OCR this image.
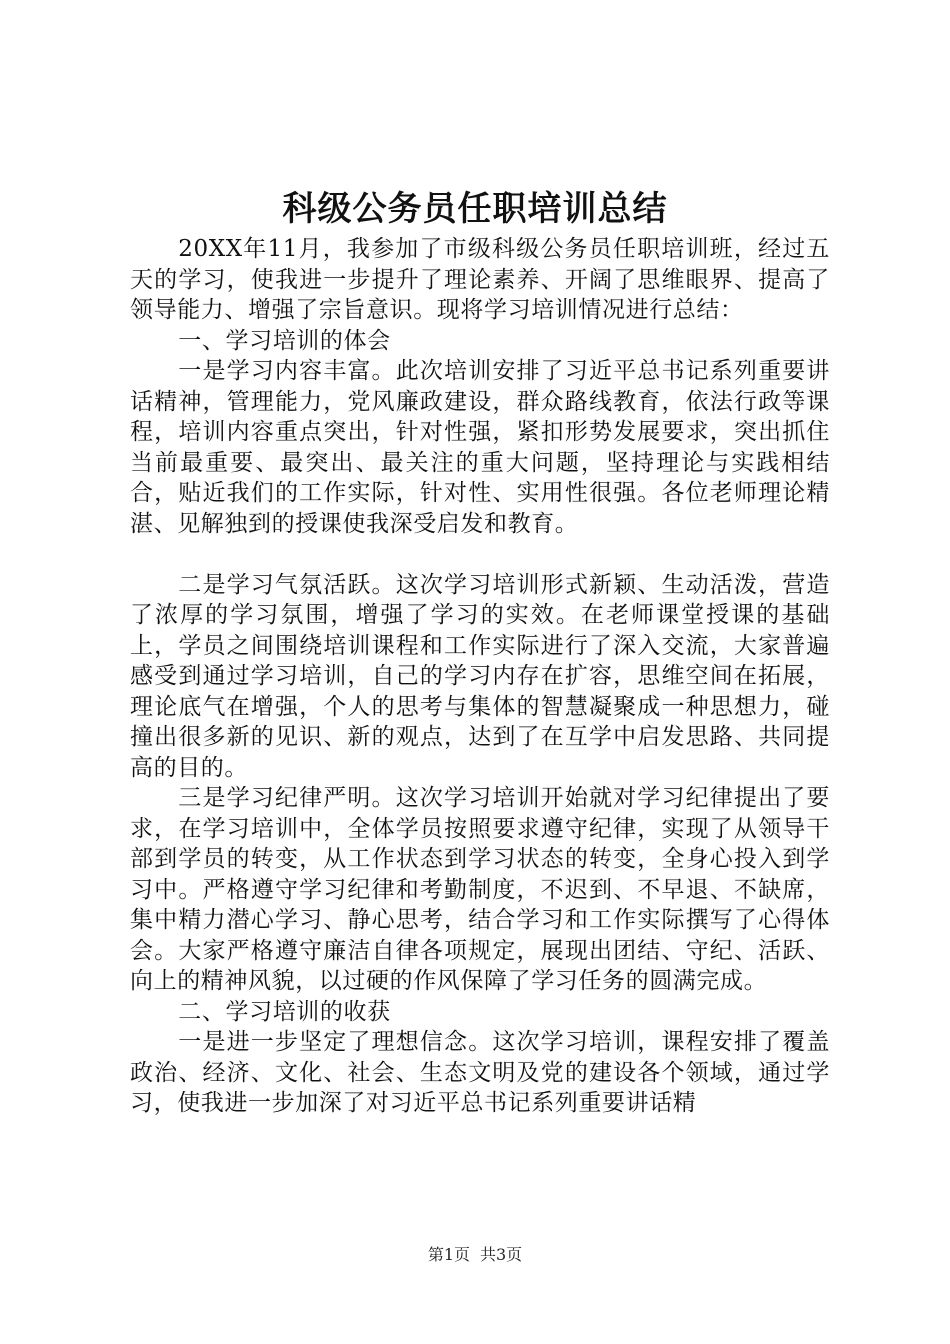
科级公务员任职培训总结

20XX年11月，我参加了市级科级公务员任职培训班，经过五天的学习，使我进一步提升了理论素养、开阔了思维眼界、提高了领导能力、增强了宗旨意识。现将学习培训情况进行总结：

一、学习培训的体会

一是学习内容丰富。此次培训安排了习近平总书记系列重要讲话精神，管理能力，党风廉政建设，群众路线教育，依法行政等课程，培训内容重点突出，针对性强，紧扣形势发展要求，突出抓住当前最重要、最突出、最关注的重大问题，坚持理论与实践相结合，贴近我们的工作实际，针对性、实用性很强。各位老师理论精湛、见解独到的授课使我深受启发和教育。

二是学习气氛活跃。这次学习培训形式新颖、生动活泼，营造了浓厚的学习氛围，增强了学习的实效。在老师课堂授课的基础上，学员之间围绕培训课程和工作实际进行了深入交流，大家普遍感受到通过学习培训，自己的学习内存在扩容，思维空间在拓展，理论底气在增强，个人的思考与集体的智慧凝聚成一种思想力，碰撞出很多新的见识、新的观点，达到了在互学中启发思路、共同提高的目的。

三是学习纪律严明。这次学习培训开始就对学习纪律提出了要求，在学习培训中，全体学员按照要求遵守纪律，实现了从领导干部到学员的转变，从工作状态到学习状态的转变，全身心投入到学习中。严格遵守学习纪律和考勤制度，不迟到、不早退、不缺席，集中精力潜心学习、静心思考，结合学习和工作实际撰写了心得体会。大家严格遵守廉洁自律各项规定，展现出团结、守纪、活跃、向上的精神风貌，以过硬的作风保障了学习任务的圆满完成。

二、学习培训的收获

一是进一步坚定了理想信念。这次学习培训，课程安排了覆盖政治、经济、文化、社会、生态文明及党的建设各个领域，通过学习，使我进一步加深了对习近平总书记系列重要讲话精

第1页 共3页
